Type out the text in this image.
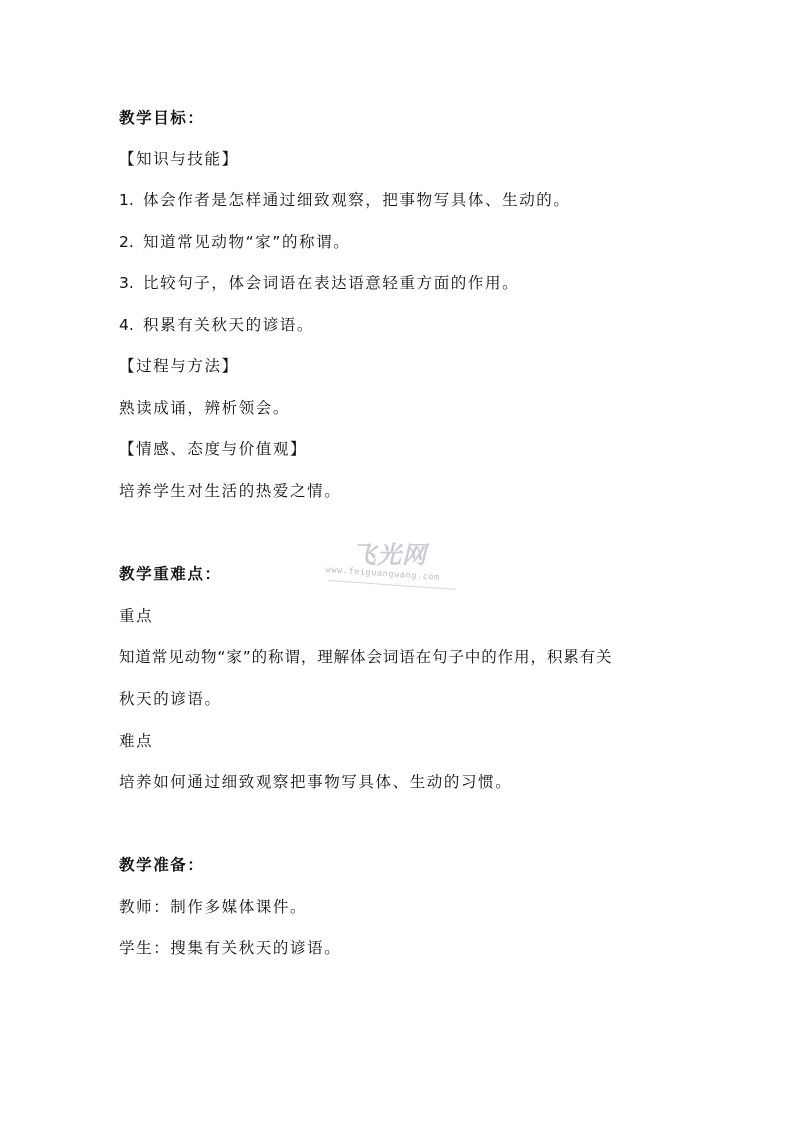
教学目标：

【知识与技能】

1. 体会作者是怎样通过细致观察，把事物写具体、生动的。

2. 知道常见动物“家”的称谓。

3. 比较句子，体会词语在表达语意轻重方面的作用。

4. 积累有关秋天的谚语。

【过程与方法】

熟读成诵，辨析领会。

【情感、态度与价值观】

培养学生对生活的热爱之情。

飞光网
www.feiguangwang.com

教学重难点：

重点

知道常见动物“家”的称谓，理解体会词语在句子中的作用，积累有关

秋天的谚语。

难点

培养如何通过细致观察把事物写具体、生动的习惯。

教学准备：

教师：制作多媒体课件。

学生：搜集有关秋天的谚语。
